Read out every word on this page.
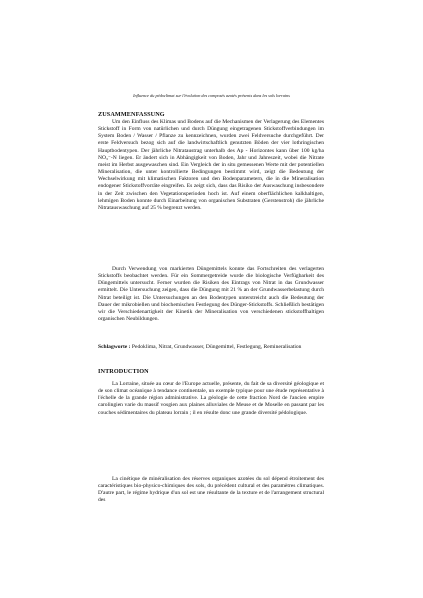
Influence du pédoclimat sur l'évolution des composés azotés présents dans les sols lorrains
ZUSAMMENFASSUNG

Um den Einfluss des Klimas und Bodens auf die Mechanismen der Verlagerung des Elementes Stickstoff in Form von natürlichen und durch Düngung eingetragenen Stickstoffverbindungen im System Boden / Wasser / Pflanze zu kennzeichnen, wurden zwei Feldversuche durchgeführt. Der erste Feldversuch bezog sich auf die landwirtschaftlich genutzten Böden der vier lothringischen Hauptbodentypen. Der jährliche Nitrataustrag unterhalb des Ap - Horizontes kann über 100 kg/ha NO₃⁻-N liegen. Er ändert sich in Abhängigkeit von Boden, Jahr und Jahreszeit, wobei die Nitrate meist im Herbst ausgewaschen sind. Ein Vergleich der in situ gemessenen Werte mit der potentiellen Mineralisation, die unter kontrollierte Bedingungen bestimmt wird, zeigt die Bedeutung der Wechselwirkung mit klimatischen Faktoren und den Bodenparametern, die in die Mineralisation endogener Stickstoffvorräte eingreifen. Es zeigt sich, dass das Risiko der Auswaschung insbesondere in der Zeit zwischen den Vegetationsperioden hoch ist. Auf einem oberflächlichen kalkhaltigen, lehmigen Boden konnte durch Einarbeitung von organischen Substraten (Gerstenstroh) die jährliche Nitratauswaschung auf 25 % begrenzt werden.

Durch Verwendung von markierten Düngemittels konnte das Fortschreiten des verlagerten Stickstoffs beobachtet werden. Für ein Sommergetreide wurde die biologische Verfügbarkeit des Düngemittels untersucht. Ferner wurden die Risiken des Eintrags von Nitrat in das Grundwasser ermittelt. Die Untersuchung zeigen, dass die Düngung mit 21 % an der Grundwasserbelastung durch Nitrat beteiligt ist. Die Untersuchungen an den Bodentypen unterstreicht auch die Bedeutung der Dauer der mikrobiellen und biochemischen Festlegung des Dünger-Stickstoffs. Schließlich bestätigen wir die Verschiedenartigkeit der Kinetik der Mineralisation von verschiedenen stickstoffhaltigen organischen Neubildungen.

Schlagworte : Pedoklima, Nitrat, Grundwasser, Düngemittel, Festlegung, Remineralisation

INTRODUCTION

La Lorraine, située au cœur de l'Europe actuelle, présente, du fait de sa diversité géologique et de son climat océanique à tendance continentale, un exemple typique pour une étude représentative à l'échelle de la grande région administrative. La géologie de cette fraction Nord de l'ancien empire carolingien varie du massif vosgien aux plaines alluviales de Meuse et de Moselle en passant par les couches sédimentaires du plateau lorrain ; il en résulte donc une grande diversité pédologique.

La cinétique de minéralisation des réserves organiques azotées du sol dépend étroitement des caractéristiques bio-physico-chimiques des sols, du précédent cultural et des paramètres climatiques. D'autre part, le régime hydrique d'un sol est une résultante de la texture et de l'arrangement structural des
